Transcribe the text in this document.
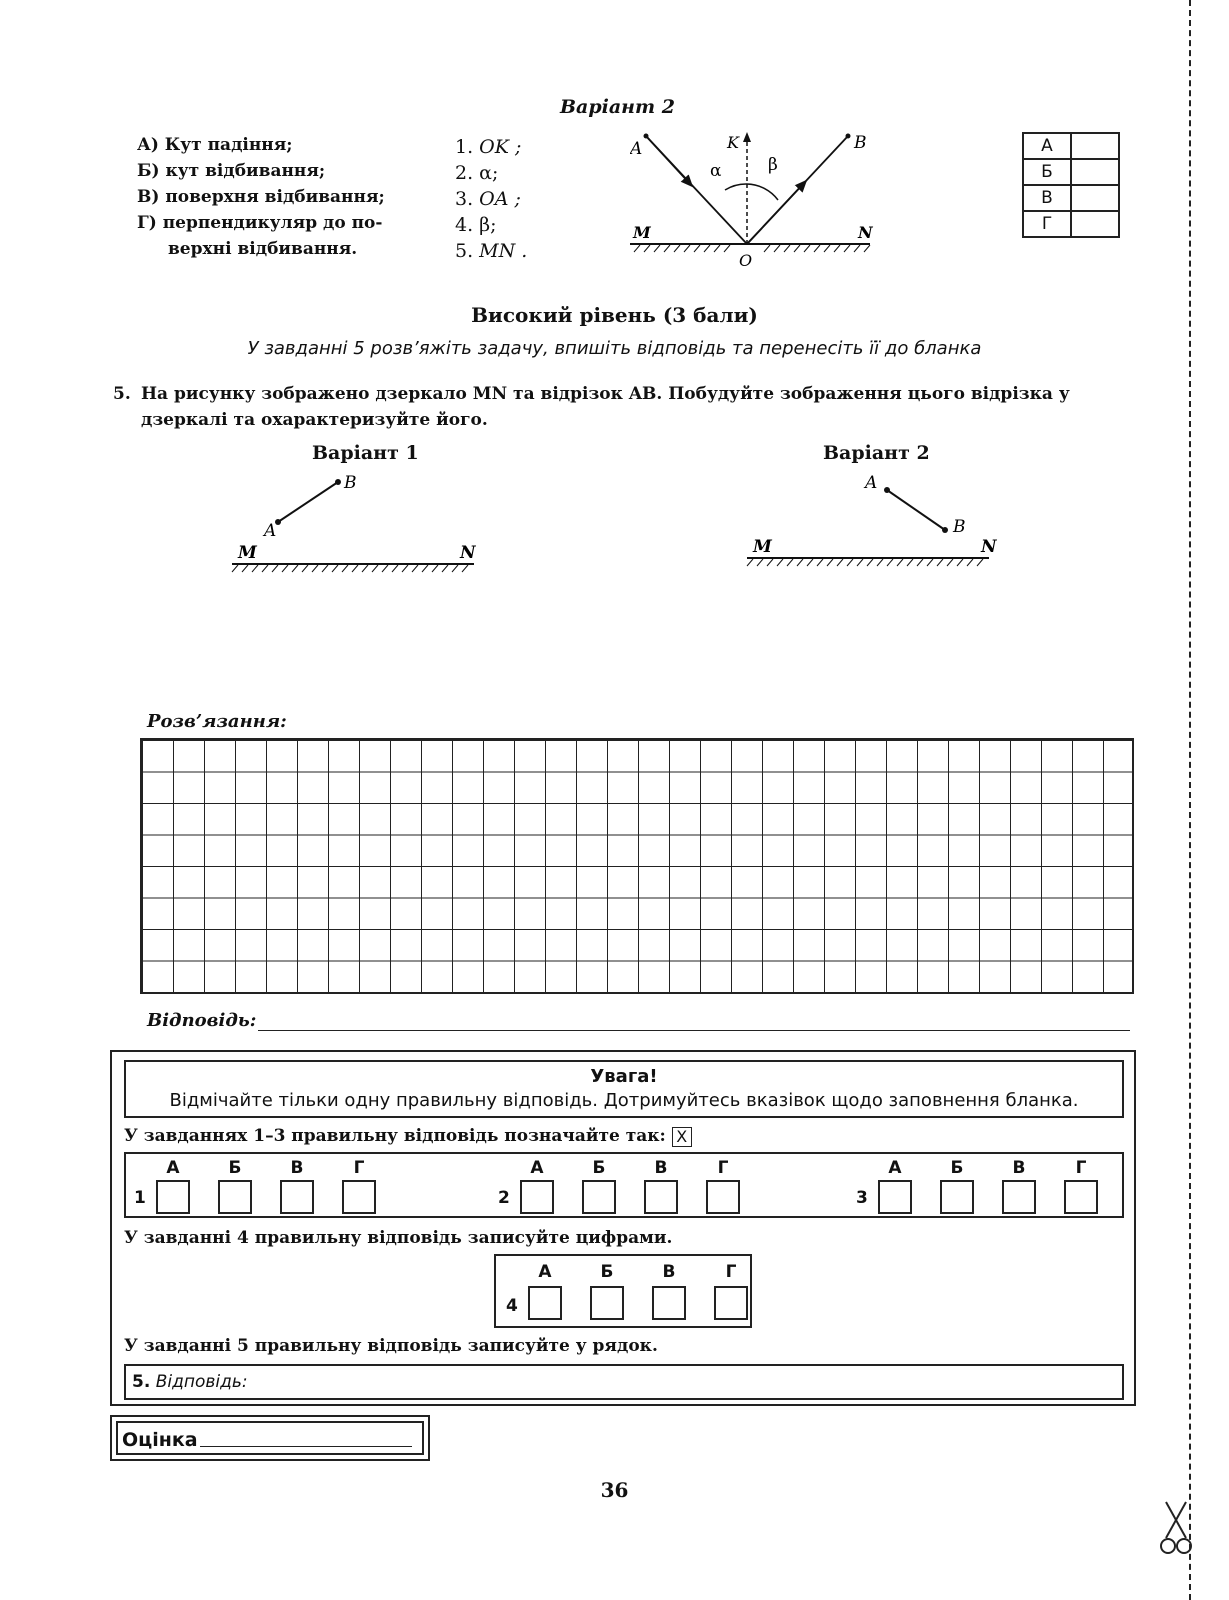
Варіант 2
А) Кут падіння;
Б) кут відбивання;
В) поверхня відбивання;
Г) перпендикуляр до по-
верхні відбивання.
1. OK ;
2. α;
3. OA ;
4. β;
5. MN .
A	B
K
M	N
O
α	β
А	
Б	
В	
Г	
Високий рівень (3 бали)
У завданні 5 розв’яжіть задачу, впишіть відповідь та перенесіть її до бланка
5. На рисунку зображено дзеркало MN та відрізок AB. Побудуйте зображення цього відрізка у дзеркалі та охарактеризуйте його.
Варіант 1	Варіант 2
A
B
M	N
A
B
M	N
Розв’язання:
Відповідь:
Увага!
Відмічайте тільки одну правильну відповідь. Дотримуйтесь вказівок щодо заповнення бланка.
У завданнях 1–3 правильну відповідь позначайте так: X
А	Б	В	Г
1
А	Б	В	Г
2
А	Б	В	Г
3
У завданні 4 правильну відповідь записуйте цифрами.
А	Б	В	Г
4
У завданні 5 правильну відповідь записуйте у рядок.
5. Відповідь:
Оцінка
36
